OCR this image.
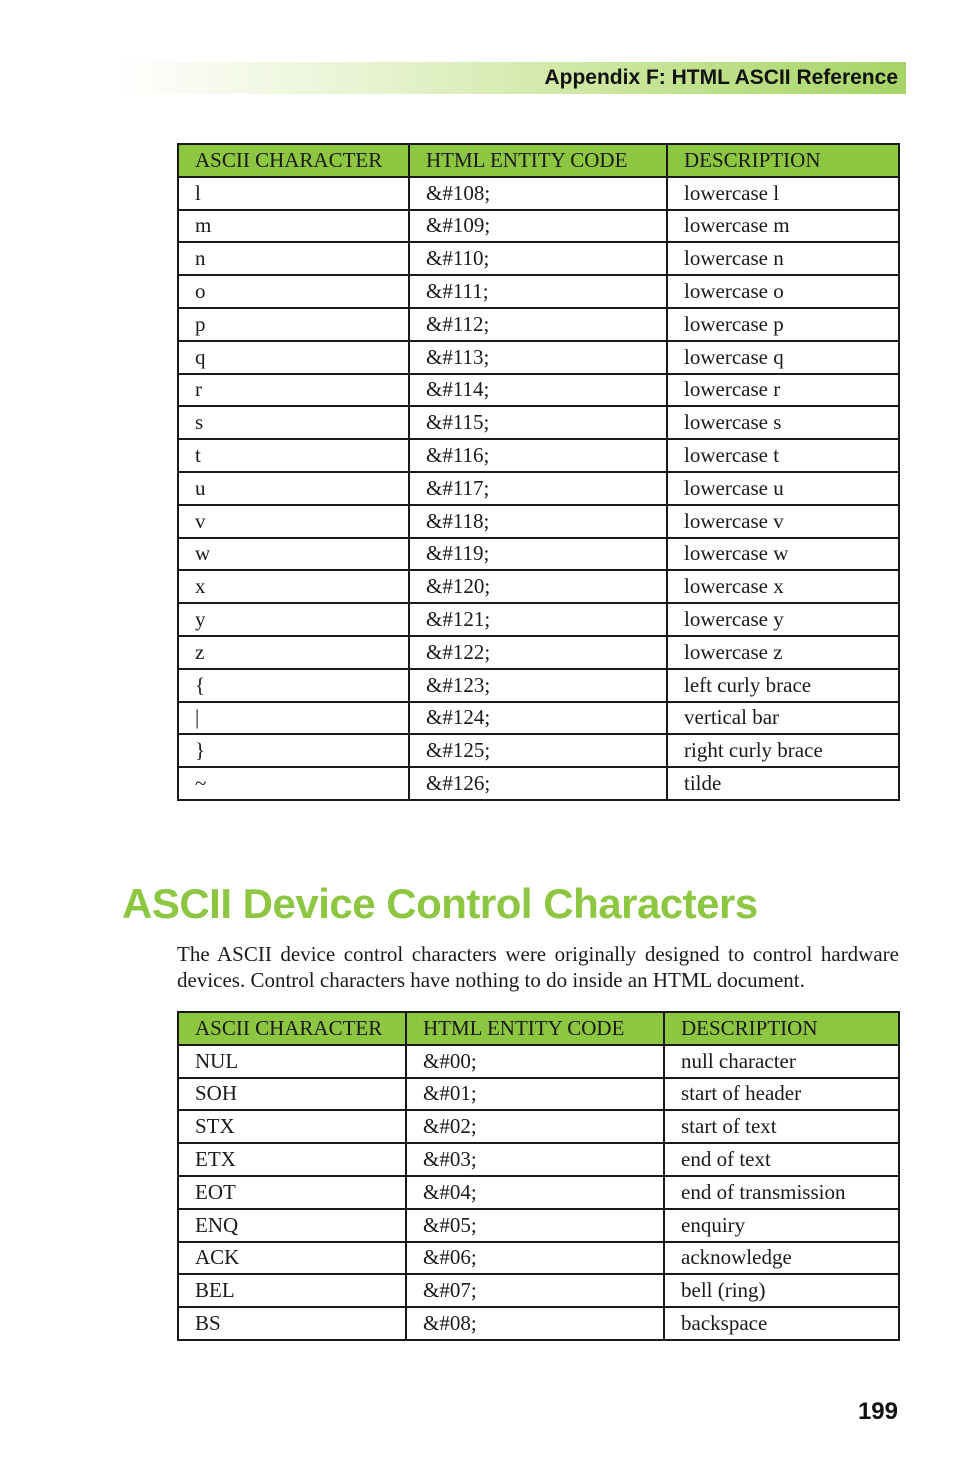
Appendix F: HTML ASCII Reference
ASCII CHARACTER	HTML ENTITY CODE	DESCRIPTION
l	&#108;	lowercase l
m	&#109;	lowercase m
n	&#110;	lowercase n
o	&#111;	lowercase o
p	&#112;	lowercase p
q	&#113;	lowercase q
r	&#114;	lowercase r
s	&#115;	lowercase s
t	&#116;	lowercase t
u	&#117;	lowercase u
v	&#118;	lowercase v
w	&#119;	lowercase w
x	&#120;	lowercase x
y	&#121;	lowercase y
z	&#122;	lowercase z
{	&#123;	left curly brace
|	&#124;	vertical bar
}	&#125;	right curly brace
~	&#126;	tilde
ASCII Device Control Characters

The ASCII device control characters were originally designed to control hardware devices. Control characters have nothing to do inside an HTML document.

ASCII CHARACTER	HTML ENTITY CODE	DESCRIPTION
NUL	&#00;	null character
SOH	&#01;	start of header
STX	&#02;	start of text
ETX	&#03;	end of text
EOT	&#04;	end of transmission
ENQ	&#05;	enquiry
ACK	&#06;	acknowledge
BEL	&#07;	bell (ring)
BS	&#08;	backspace
199
